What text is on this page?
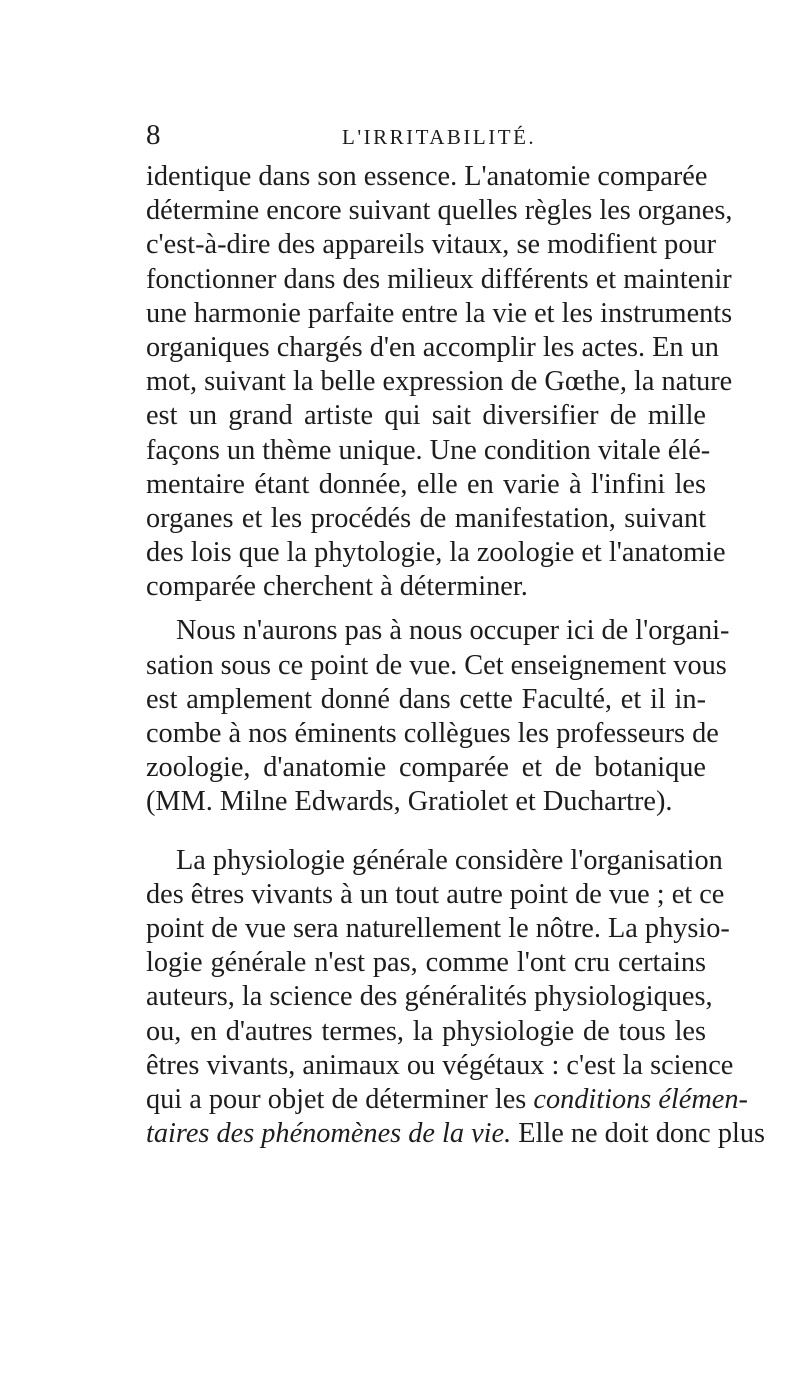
8	L'IRRITABILITÉ.
identique dans son essence. L'anatomie comparée
détermine encore suivant quelles règles les organes,
c'est-à-dire des appareils vitaux, se modifient pour
fonctionner dans des milieux différents et maintenir
une harmonie parfaite entre la vie et les instruments
organiques chargés d'en accomplir les actes. En un
mot, suivant la belle expression de Gœthe, la nature
est un grand artiste qui sait diversifier de mille
façons un thème unique. Une condition vitale élé-
mentaire étant donnée, elle en varie à l'infini les
organes et les procédés de manifestation, suivant
des lois que la phytologie, la zoologie et l'anatomie
comparée cherchent à déterminer.
Nous n'aurons pas à nous occuper ici de l'organi-
sation sous ce point de vue. Cet enseignement vous
est amplement donné dans cette Faculté, et il in-
combe à nos éminents collègues les professeurs de
zoologie, d'anatomie comparée et de botanique
(MM. Milne Edwards, Gratiolet et Duchartre).
La physiologie générale considère l'organisation
des êtres vivants à un tout autre point de vue ; et ce
point de vue sera naturellement le nôtre. La physio-
logie générale n'est pas, comme l'ont cru certains
auteurs, la science des généralités physiologiques,
ou, en d'autres termes, la physiologie de tous les
êtres vivants, animaux ou végétaux : c'est la science
qui a pour objet de déterminer les conditions élémen-
taires des phénomènes de la vie. Elle ne doit donc plus
